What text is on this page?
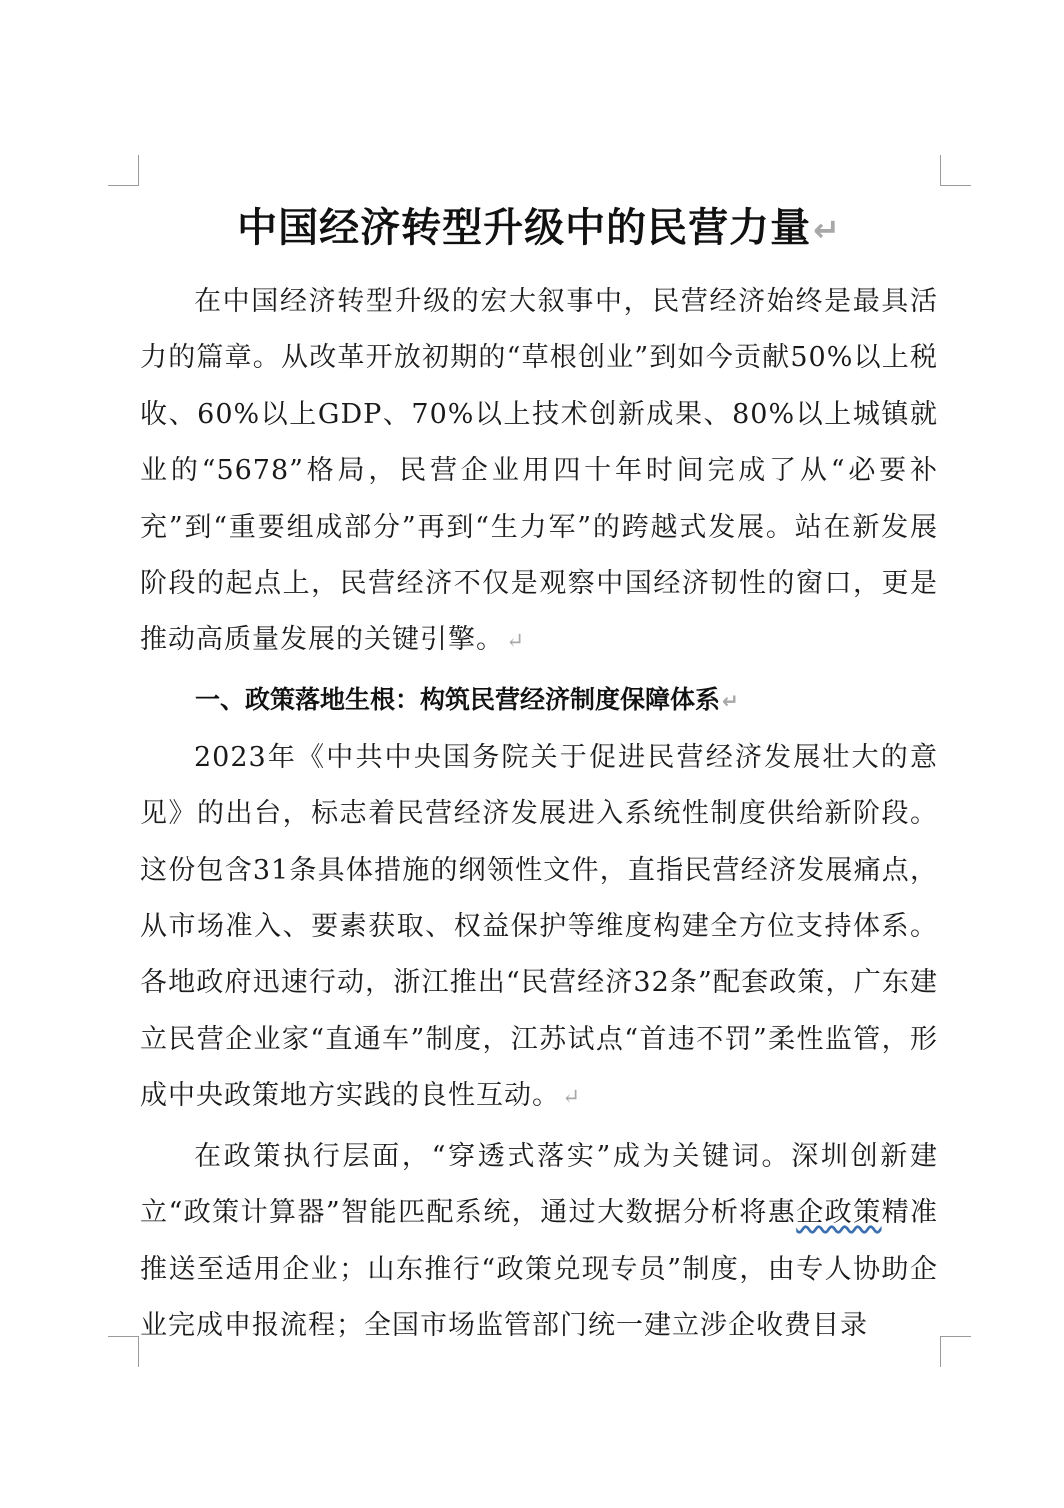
中国经济转型升级中的民营力量↵

在中国经济转型升级的宏大叙事中，民营经济始终是最具活力的篇章。从改革开放初期的“草根创业”到如今贡献50%以上税收、60%以上GDP、70%以上技术创新成果、80%以上城镇就业的“5678”格局，民营企业用四十年时间完成了从“必要补充”到“重要组成部分”再到“生力军”的跨越式发展。站在新发展阶段的起点上，民营经济不仅是观察中国经济韧性的窗口，更是推动高质量发展的关键引擎。↵

一、政策落地生根：构筑民营经济制度保障体系 ↵

2023年《中共中央国务院关于促进民营经济发展壮大的意见》的出台，标志着民营经济发展进入系统性制度供给新阶段。这份包含31条具体措施的纲领性文件，直指民营经济发展痛点，从市场准入、要素获取、权益保护等维度构建全方位支持体系。各地政府迅速行动，浙江推出“民营经济32条”配套政策，广东建立民营企业家“直通车”制度，江苏试点“首违不罚”柔性监管，形成中央政策地方实践的良性互动。↵

在政策执行层面，“穿透式落实”成为关键词。深圳创新建立“政策计算器”智能匹配系统，通过大数据分析将惠企政策精准推送至适用企业；山东推行“政策兑现专员”制度，由专人协助企业完成申报流程；全国市场监管部门统一建立涉企收费目录
